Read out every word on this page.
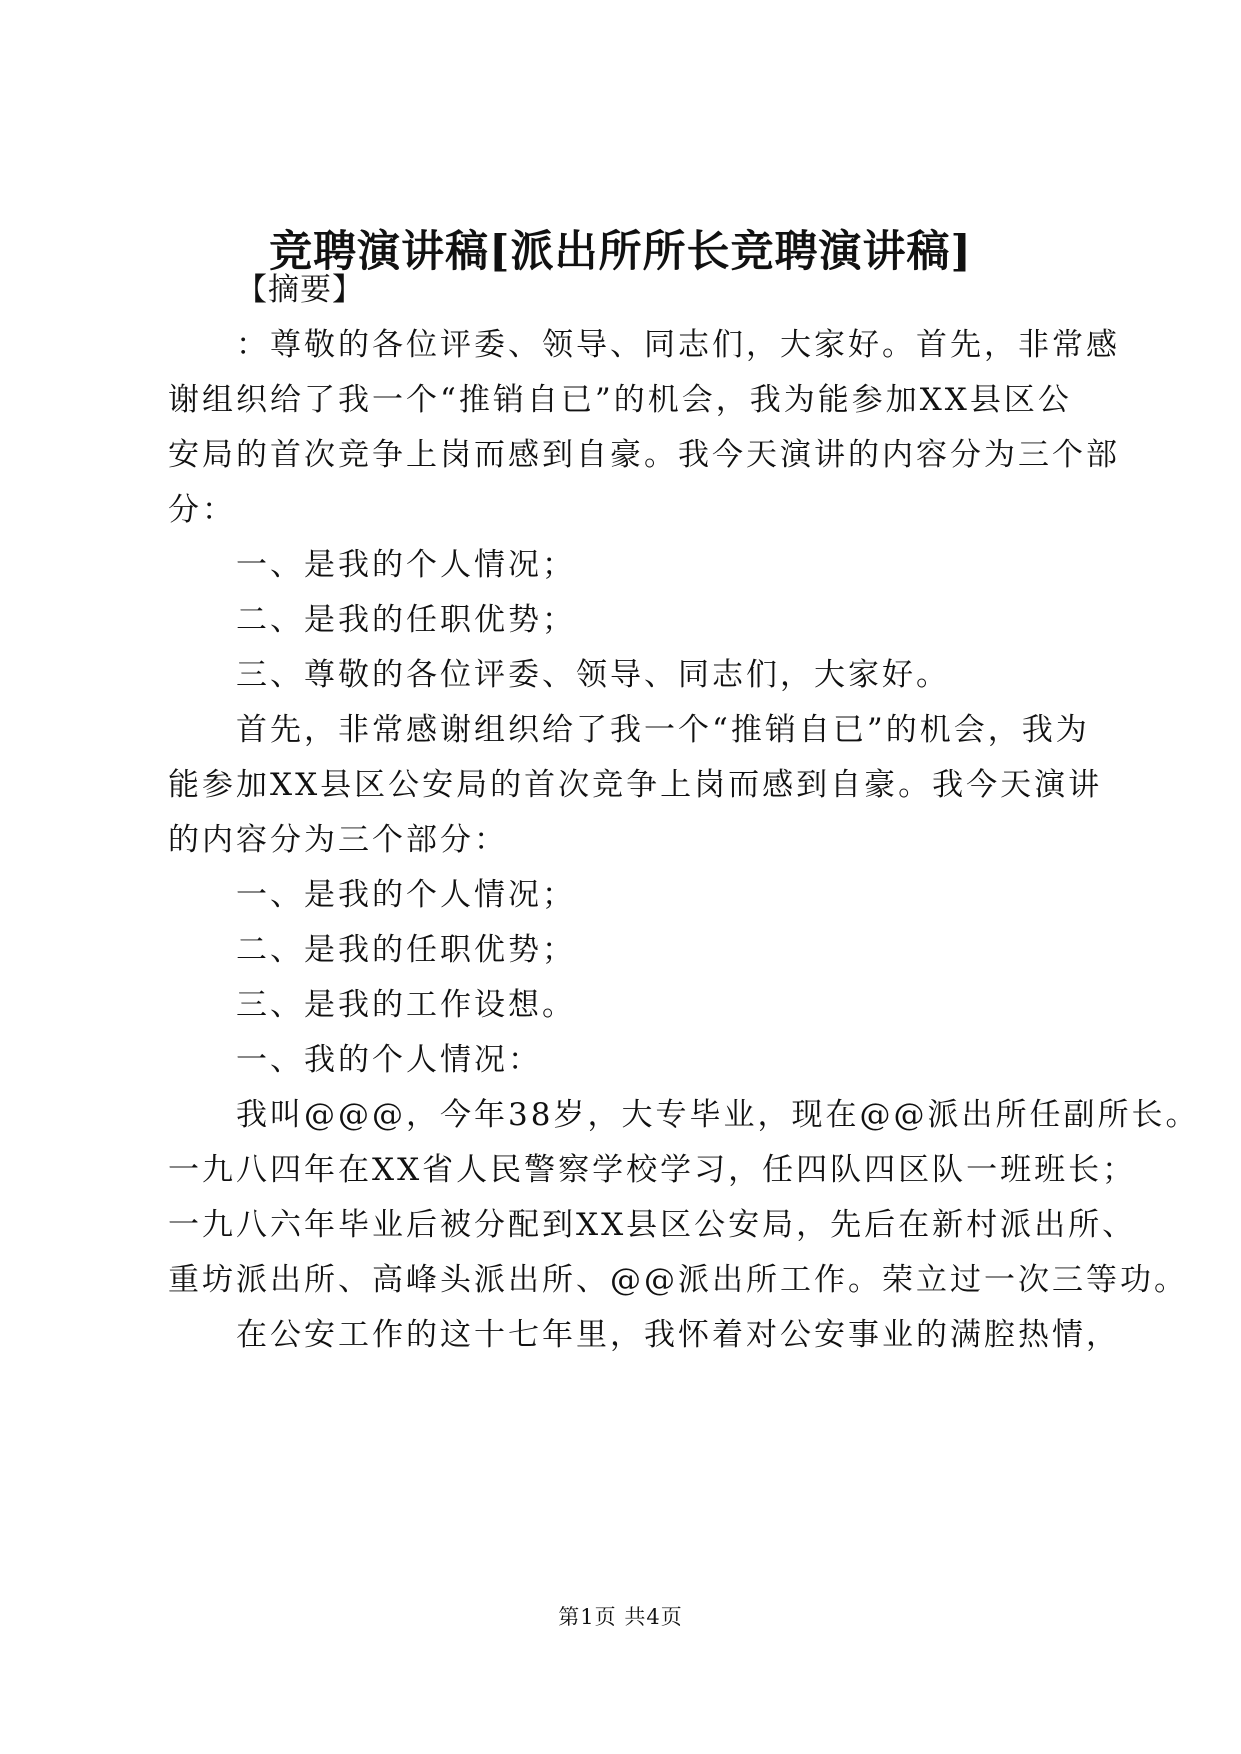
竞聘演讲稿[派出所所长竞聘演讲稿]
【摘要】
：尊敬的各位评委、领导、同志们，大家好。首先，非常感
谢组织给了我一个“推销自已”的机会，我为能参加XX县区公
安局的首次竞争上岗而感到自豪。我今天演讲的内容分为三个部
分：
一、是我的个人情况；
二、是我的任职优势；
三、尊敬的各位评委、领导、同志们，大家好。
首先，非常感谢组织给了我一个“推销自已”的机会，我为
能参加XX县区公安局的首次竞争上岗而感到自豪。我今天演讲
的内容分为三个部分：
一、是我的个人情况；
二、是我的任职优势；
三、是我的工作设想。
一、我的个人情况：
我叫@@@，今年38岁，大专毕业，现在@@派出所任副所长。
一九八四年在XX省人民警察学校学习，任四队四区队一班班长；
一九八六年毕业后被分配到XX县区公安局，先后在新村派出所、
重坊派出所、高峰头派出所、@@派出所工作。荣立过一次三等功。
在公安工作的这十七年里，我怀着对公安事业的满腔热情，
第1页 共4页
